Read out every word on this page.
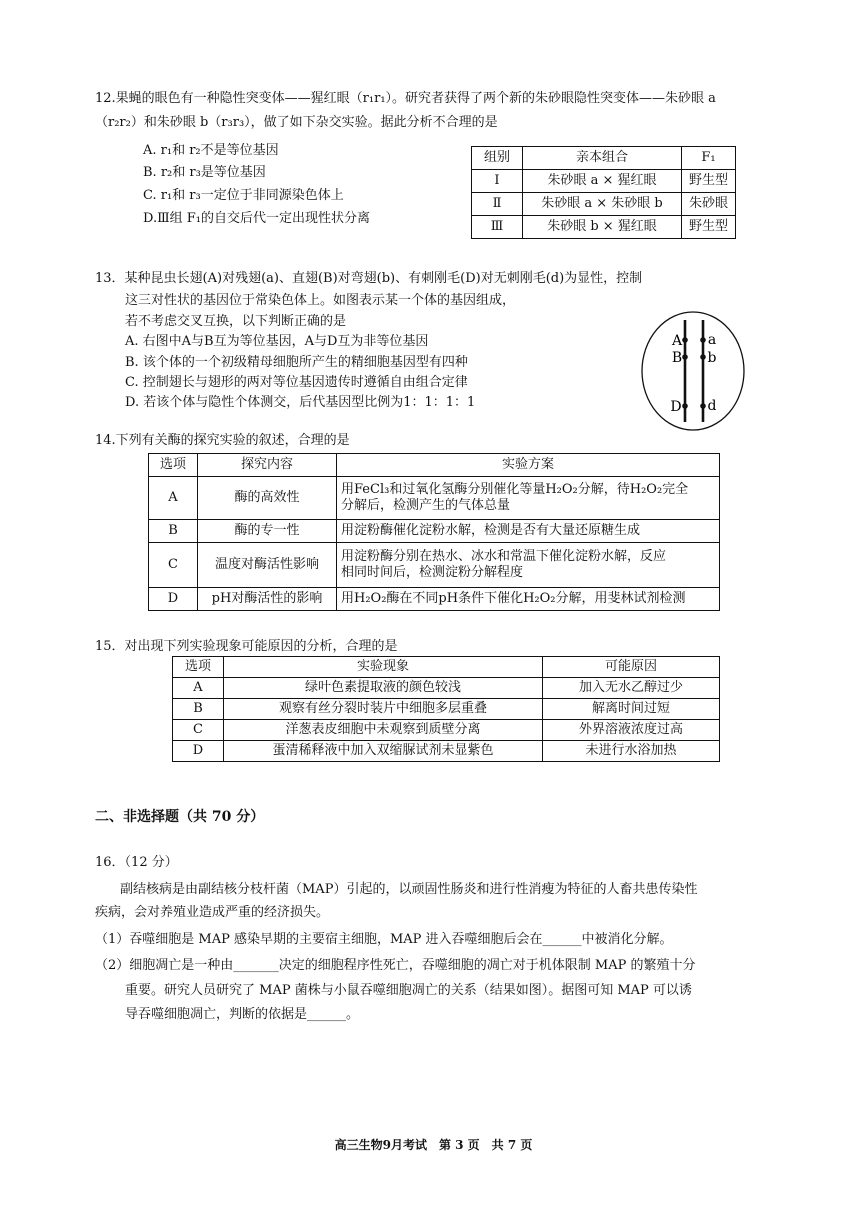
12.果蝇的眼色有一种隐性突变体——猩红眼（r₁r₁）。研究者获得了两个新的朱砂眼隐性突变体——朱砂眼 a
（r₂r₂）和朱砂眼 b（r₃r₃），做了如下杂交实验。据此分析不合理的是
A. r₁和 r₂不是等位基因
B. r₂和 r₃是等位基因
C. r₁和 r₃一定位于非同源染色体上
D.Ⅲ组 F₁的自交后代一定出现性状分离
组别	亲本组合	F₁
Ⅰ	朱砂眼 a × 猩红眼	野生型
Ⅱ	朱砂眼 a × 朱砂眼 b	朱砂眼
Ⅲ	朱砂眼 b × 猩红眼	野生型
13．某种昆虫长翅(A)对残翅(a)、直翅(B)对弯翅(b)、有刺刚毛(D)对无刺刚毛(d)为显性，控制
这三对性状的基因位于常染色体上。如图表示某一个体的基因组成，
若不考虑交叉互换，以下判断正确的是
A. 右图中A与B互为等位基因，A与D互为非等位基因
B. 该个体的一个初级精母细胞所产生的精细胞基因型有四种
C. 控制翅长与翅形的两对等位基因遗传时遵循自由组合定律
D. 若该个体与隐性个体测交，后代基因型比例为1：1：1：1
A a
B b
D d
14.下列有关酶的探究实验的叙述，合理的是
选项	探究内容	实验方案
A	酶的高效性	用FeCl₃和过氧化氢酶分别催化等量H₂O₂分解，待H₂O₂完全
分解后，检测产生的气体总量

B	酶的专一性	用淀粉酶催化淀粉水解，检测是否有大量还原糖生成
C	温度对酶活性影响	用淀粉酶分别在热水、冰水和常温下催化淀粉水解，反应
相同时间后，检测淀粉分解程度

D	pH对酶活性的影响	用H₂O₂酶在不同pH条件下催化H₂O₂分解，用斐林试剂检测
15．对出现下列实验现象可能原因的分析，合理的是
选项	实验现象	可能原因
A	绿叶色素提取液的颜色较浅	加入无水乙醇过少
B	观察有丝分裂时装片中细胞多层重叠	解离时间过短
C	洋葱表皮细胞中未观察到质壁分离	外界溶液浓度过高
D	蛋清稀释液中加入双缩脲试剂未显紫色	未进行水浴加热
二、非选择题（共 70 分）
16．（12 分）
副结核病是由副结核分枝杆菌（MAP）引起的，以顽固性肠炎和进行性消瘦为特征的人畜共患传染性
疾病，会对养殖业造成严重的经济损失。
（1）吞噬细胞是 MAP 感染早期的主要宿主细胞，MAP 进入吞噬细胞后会在______中被消化分解。
（2）细胞凋亡是一种由_______决定的细胞程序性死亡，吞噬细胞的凋亡对于机体限制 MAP 的繁殖十分
重要。研究人员研究了 MAP 菌株与小鼠吞噬细胞凋亡的关系（结果如图）。据图可知 MAP 可以诱
导吞噬细胞凋亡，判断的依据是______。
高三生物9月考试　第 3 页　共 7 页
